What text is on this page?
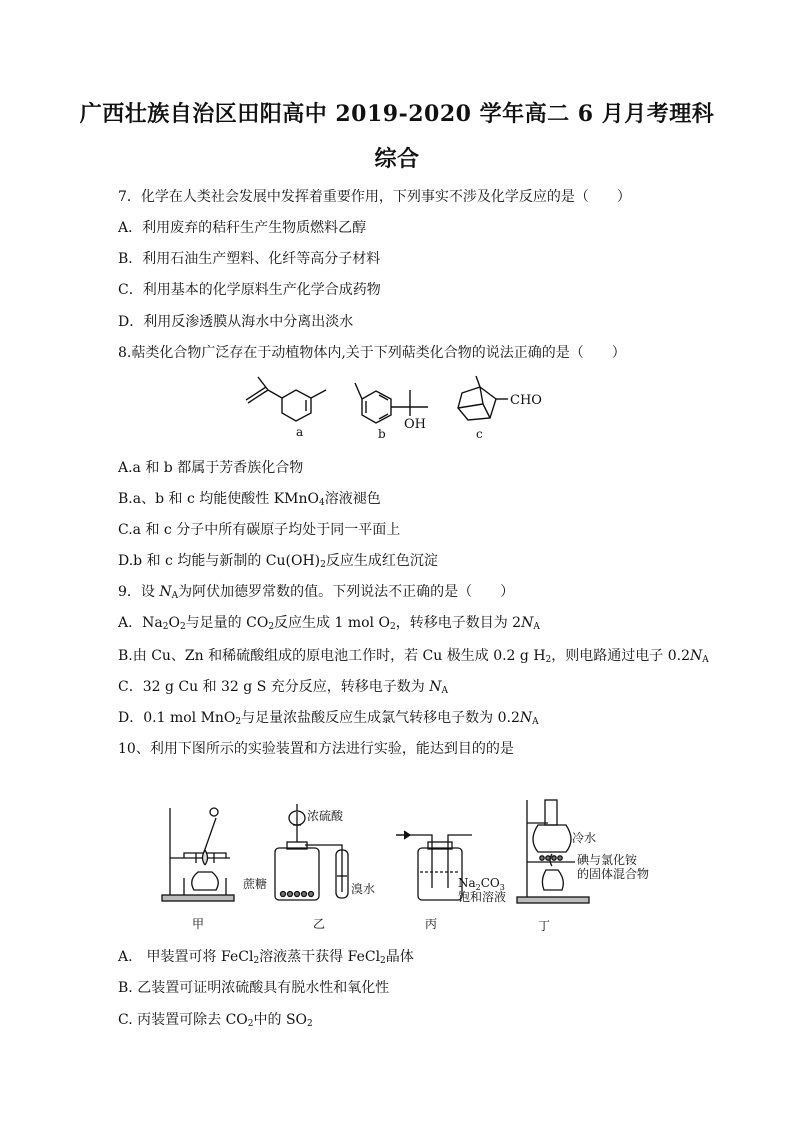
广西壮族自治区田阳高中 2019-2020 学年高二 6 月月考理科
综合
7．化学在人类社会发展中发挥着重要作用，下列事实不涉及化学反应的是（　　）
A．利用废弃的秸秆生产生物质燃料乙醇
B．利用石油生产塑料、化纤等高分子材料
C．利用基本的化学原料生产化学合成药物
D．利用反渗透膜从海水中分离出淡水
8.萜类化合物广泛存在于动植物体内,关于下列萜类化合物的说法正确的是（　　）
a	OH
b
CHO
c
甲
浓硫酸
蔗糖	溴水
乙
$Na_2CO_3$
饱和溶液
丙
冷水
碘与氯化铵
的固体混合物
丁
A.a 和 b 都属于芳香族化合物
B.a、b 和 c 均能使酸性 KMnO$_4$溶液褪色
C.a 和 c 分子中所有碳原子均处于同一平面上
D.b 和 c 均能与新制的 $Cu(OH)_2$反应生成红色沉淀
9．设 $N_A$为阿伏加德罗常数的值。下列说法不正确的是（　　）
A．$Na_2O_2$与足量的 $CO_2$反应生成 1 mol $O_2$，转移电子数目为 $2N_A$
B.由 Cu、Zn 和稀硫酸组成的原电池工作时，若 Cu 极生成 0.2 g $H_2$，则电路通过电子 $0.2N_A$
C．32 g Cu 和 32 g S 充分反应，转移电子数为 $N_A$
D．0.1 mol MnO$_2$与足量浓盐酸反应生成氯气转移电子数为 $0.2N_A$
10、利用下图所示的实验装置和方法进行实验，能达到目的的是
A.　甲装置可将 FeCl$_2$溶液蒸干获得 FeCl$_2$晶体
B. 乙装置可证明浓硫酸具有脱水性和氧化性
C. 丙装置可除去 $CO_2$中的 $SO_2$
